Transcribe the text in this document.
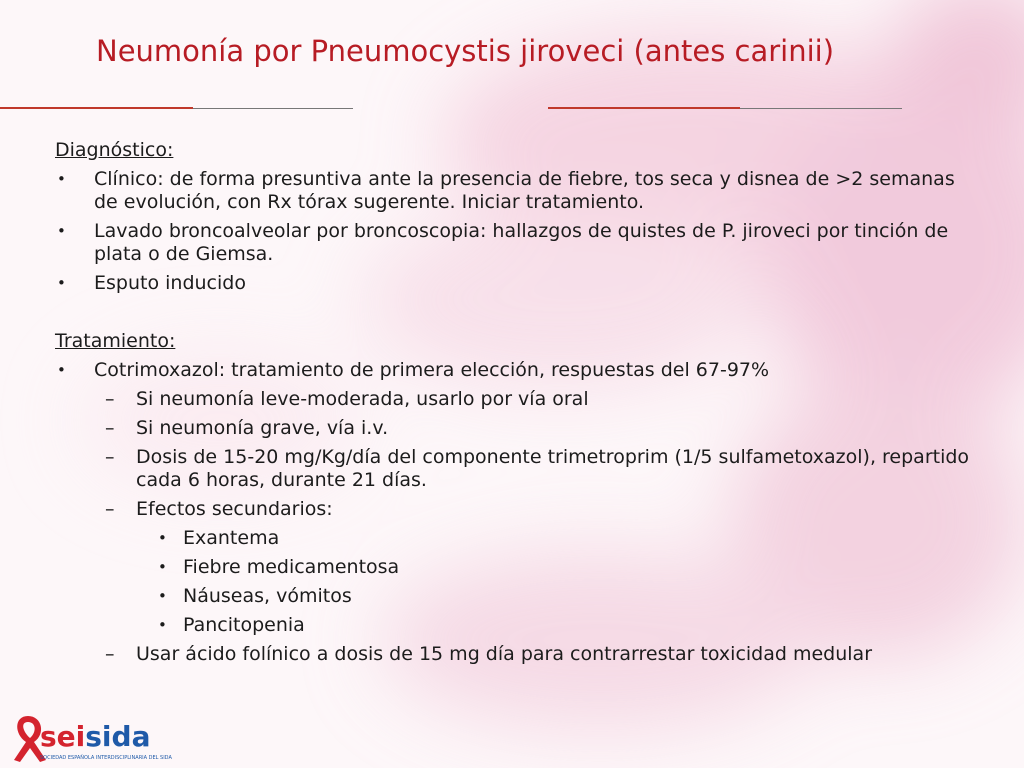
Neumonía por Pneumocystis jiroveci (antes carinii)
Diagnóstico:
• Clínico: de forma presuntiva ante la presencia de fiebre, tos seca y disnea de >2 semanas de evolución, con Rx tórax sugerente. Iniciar tratamiento.
• Lavado broncoalveolar por broncoscopia: hallazgos de quistes de P. jiroveci por tinción de plata o de Giemsa.
• Esputo inducido
Tratamiento:
• Cotrimoxazol: tratamiento de primera elección, respuestas del 67-97%
– Si neumonía leve-moderada, usarlo por vía oral
– Si neumonía grave, vía i.v.
– Dosis de 15-20 mg/Kg/día del componente trimetroprim (1/5 sulfametoxazol), repartido cada 6 horas, durante 21 días.
– Efectos secundarios:
• Exantema
• Fiebre medicamentosa
• Náuseas, vómitos
• Pancitopenia
– Usar ácido folínico a dosis de 15 mg día para contrarrestar toxicidad medular
seisida
SOCIEDAD ESPAÑOLA INTERDISCIPLINARIA DEL SIDA
